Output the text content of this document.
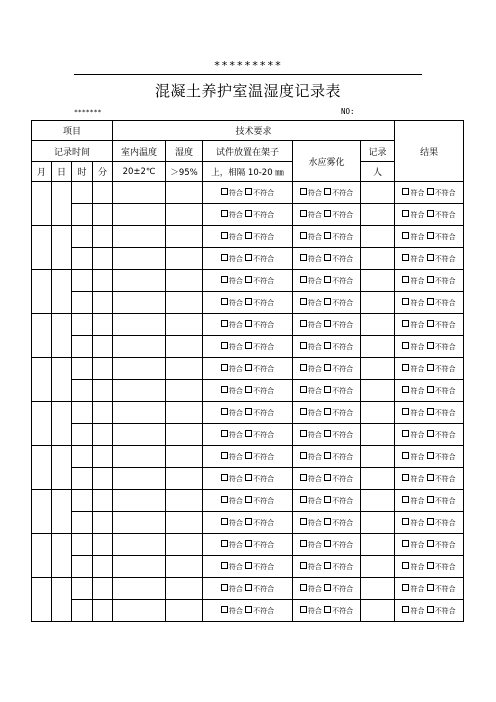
*********
混凝土养护室温湿度记录表
*******	NO:
项目				技术要求					结果
记录时间				室内温度	湿度	试件放置在架子	水应雾化	记录	
月	日	时	分	20±2℃	＞95%	上，相隔 10-20 ㎜		人	
						符合 不符合	符合 不符合		符合 不符合
						符合 不符合	符合 不符合		符合 不符合
						符合 不符合	符合 不符合		符合 不符合
						符合 不符合	符合 不符合		符合 不符合
						符合 不符合	符合 不符合		符合 不符合
						符合 不符合	符合 不符合		符合 不符合
						符合 不符合	符合 不符合		符合 不符合
						符合 不符合	符合 不符合		符合 不符合
						符合 不符合	符合 不符合		符合 不符合
						符合 不符合	符合 不符合		符合 不符合
						符合 不符合	符合 不符合		符合 不符合
						符合 不符合	符合 不符合		符合 不符合
						符合 不符合	符合 不符合		符合 不符合
						符合 不符合	符合 不符合		符合 不符合
						符合 不符合	符合 不符合		符合 不符合
						符合 不符合	符合 不符合		符合 不符合
						符合 不符合	符合 不符合		符合 不符合
						符合 不符合	符合 不符合		符合 不符合
						符合 不符合	符合 不符合		符合 不符合
						符合 不符合	符合 不符合		符合 不符合
